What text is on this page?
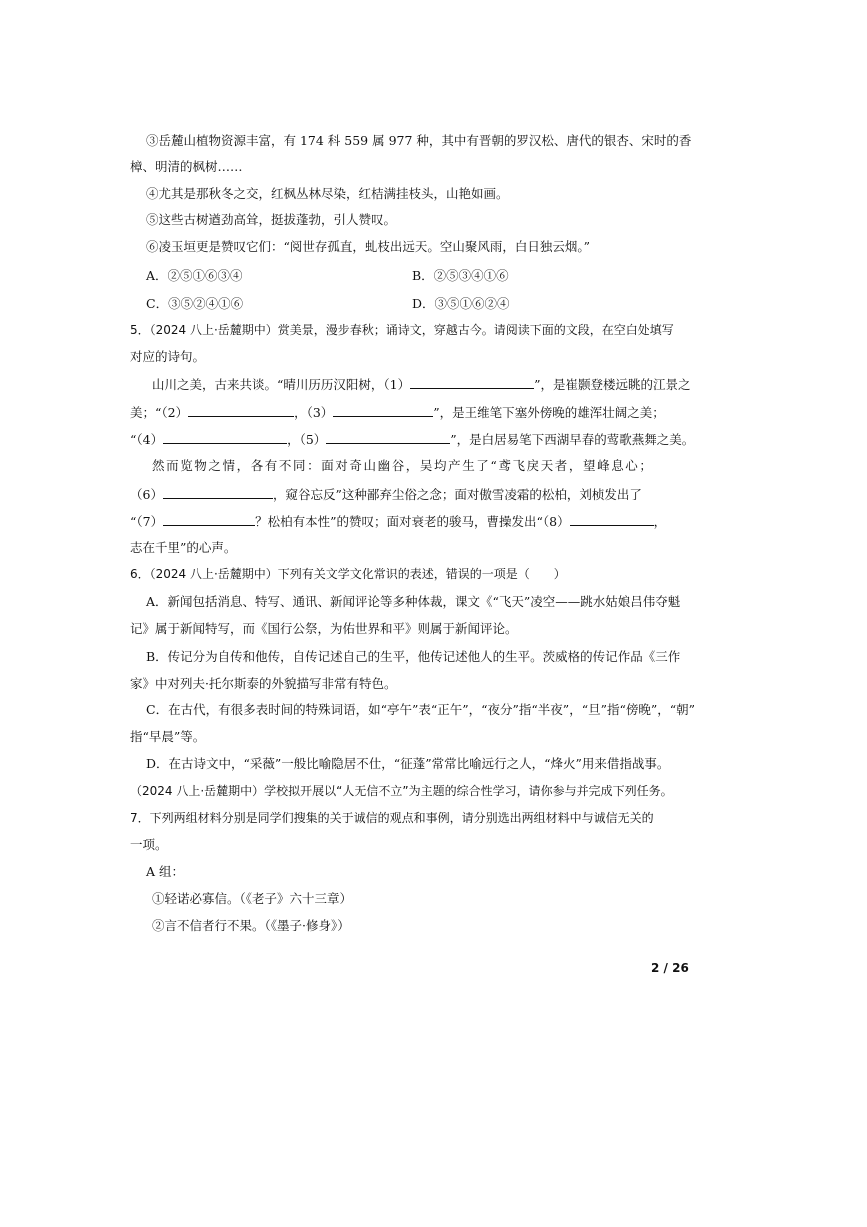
③岳麓山植物资源丰富，有 174 科 559 属 977 种，其中有晋朝的罗汉松、唐代的银杏、宋时的香
樟、明清的枫树……
④尤其是那秋冬之交，红枫丛林尽染，红桔满挂枝头，山艳如画。
⑤这些古树遒劲高耸，挺拔蓬勃，引人赞叹。
⑥凌玉垣更是赞叹它们：“阅世存孤直，虬枝出远天。空山聚风雨，白日独云烟。”
A．②⑤①⑥③④	B．②⑤③④①⑥
C．③⑤②④①⑥	D．③⑤①⑥②④
5．（2024 八上·岳麓期中）赏美景，漫步春秋；诵诗文，穿越古今。请阅读下面的文段，在空白处填写
对应的诗句。
山川之美，古来共谈。“晴川历历汉阳树，（1）	”，是崔颢登楼远眺的江景之
美；“（2）	，（3）	”，是王维笔下塞外傍晚的雄浑壮阔之美；
“（4）	，（5）	”，是白居易笔下西湖早春的莺歌燕舞之美。
然而览物之情，各有不同：面对奇山幽谷，吴均产生了“鸢飞戾天者，望峰息心；
（6）	，窥谷忘反”这种鄙弃尘俗之念；面对傲雪凌霜的松柏，刘桢发出了
“（7）	？松柏有本性”的赞叹；面对衰老的骏马，曹操发出“（8）	，
志在千里”的心声。
6．（2024 八上·岳麓期中）下列有关文学文化常识的表述，错误的一项是（　　）
A．新闻包括消息、特写、通讯、新闻评论等多种体裁，课文《“飞天”凌空——跳水姑娘吕伟夺魁
记》属于新闻特写，而《国行公祭，为佑世界和平》则属于新闻评论。
B．传记分为自传和他传，自传记述自己的生平，他传记述他人的生平。茨威格的传记作品《三作
家》中对列夫·托尔斯泰的外貌描写非常有特色。
C．在古代，有很多表时间的特殊词语，如“亭午”表“正午”，“夜分”指“半夜”，“旦”指“傍晚”，“朝”
指“早晨”等。
D．在古诗文中，“采薇”一般比喻隐居不仕，“征蓬”常常比喻远行之人，“烽火”用来借指战事。
（2024 八上·岳麓期中）学校拟开展以“人无信不立”为主题的综合性学习，请你参与并完成下列任务。
7．下列两组材料分别是同学们搜集的关于诚信的观点和事例，请分别选出两组材料中与诚信无关的
一项。
A 组：
①轻诺必寡信。（《老子》六十三章）
②言不信者行不果。（《墨子·修身》）
2 / 26
